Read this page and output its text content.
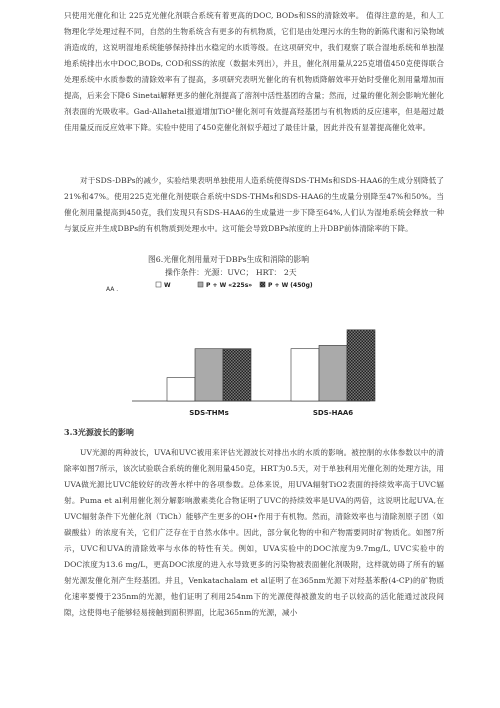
只使用光催化和让 225克光催化剂联合系统有着更高的DOC, BODs和SS的清除效率。 值得注意的是，和人工物理化学处理过程不同，自然的生物系统含有更多的有机物质，它们是由处理污水的生物的新陈代谢和污染物域消造成的，这说明湿地系统能够保持排出水稳定的水质等级。在这项研究中，我们观察了联合湿地系统和单独湿地系统排出水中DOC,BODs, COD和SS的浓度（数据未列出），并且，催化剂用量从225克增值450克使得联合处理系统中水质参数的清除效率有了提高，多项研究表明光催化的有机物质降解效率开始时受催化剂用量增加而提高，后来会下降6 Sinetai解释更多的催化剂提高了溶剂中活性基团的含量；然而，过量的催化剂会影响光催化剂表面的光吸收率。Gad-Allahetal报道增加TiO²催化剂可有效提高羟基团与有机物质的反应速率，但是超过最佳用量反而反应效率下降。实验中使用了450克催化剂似乎超过了最佳计量，因此并没有显著提高催化效率。
对于SDS-DBPs的减少，实验结果表明单独使用人造系统使得SDS-THMs和SDS-HAA6的生成分别降低了 21%和47%。使用225克光催化剂使联合系统中SDS-THMs和SDS-HAA6的生成量分别降至47%和50%。当催化剂用量提高到450克，我们发现只有SDS-HAA6的生成量进一步下降至64%,人们认为湿地系统会释放一种与氯反应并生成DBPs的有机物质到处理水中。这可能会导致DBPs浓度的上升DBP前体清除率的下降。
图6.光催化剂用量对于DBPs生成和消除的影响
操作条件：光源：UVC； HRT： 2天
AA .
W	P + W «225s»	P + W (450g)
SDS-THMs	SDS-HAA6
3.3光源波长的影响
UV光源的两种波长，UVA和UVC被用来评估光源波长对排出水的水质的影响。被控制的水体参数以中的清除率如图7所示，该次试验联合系统的催化剂用量450克，HRT为0.5天，对于单独利用光催化剂的处理方法，用UVA做光源比UVC能较好的改善水样中的各项参数。总体来说，用UVA辐射TiO2表面的持续效率高于UVC辐射。Puma et al利用催化剂分解影响激素类化合物证明了UVC的持续效率是UVA的两倍，这说明比起UVA,在UVC辐射条件下光催化剂（TiCh）能够产生更多的OH•作用于有机物。然而，清除效率也与清除剂原子团（如碳酸盐）的浓度有关，它们广泛存在于自然水体中。因此，部分氧化物的中和产物需要同时矿物质化。如图7所示，UVC和UVA的清除效率与水体的特性有关。例如，UVA实验中的DOC浓度为9.7mg/L, UVC实验中的DOC浓度为13.6 mg/L，更高DOC浓度的进入水导致更多的污染物被表面催化剂吸附，这样就妨碍了所有的辐射光源发催化剂产生羟基团。并且，Venkatachalam et al证明了在365nm光源下对羟基苯酚(4-CP)的矿物质化速率要慢于235nm的光源，他们证明了利用254nm下的光源使得被激发的电子以较高的活化能通过波段间隙，这使得电子能够轻易接触到面积界面，比起365nm的光源，减小
